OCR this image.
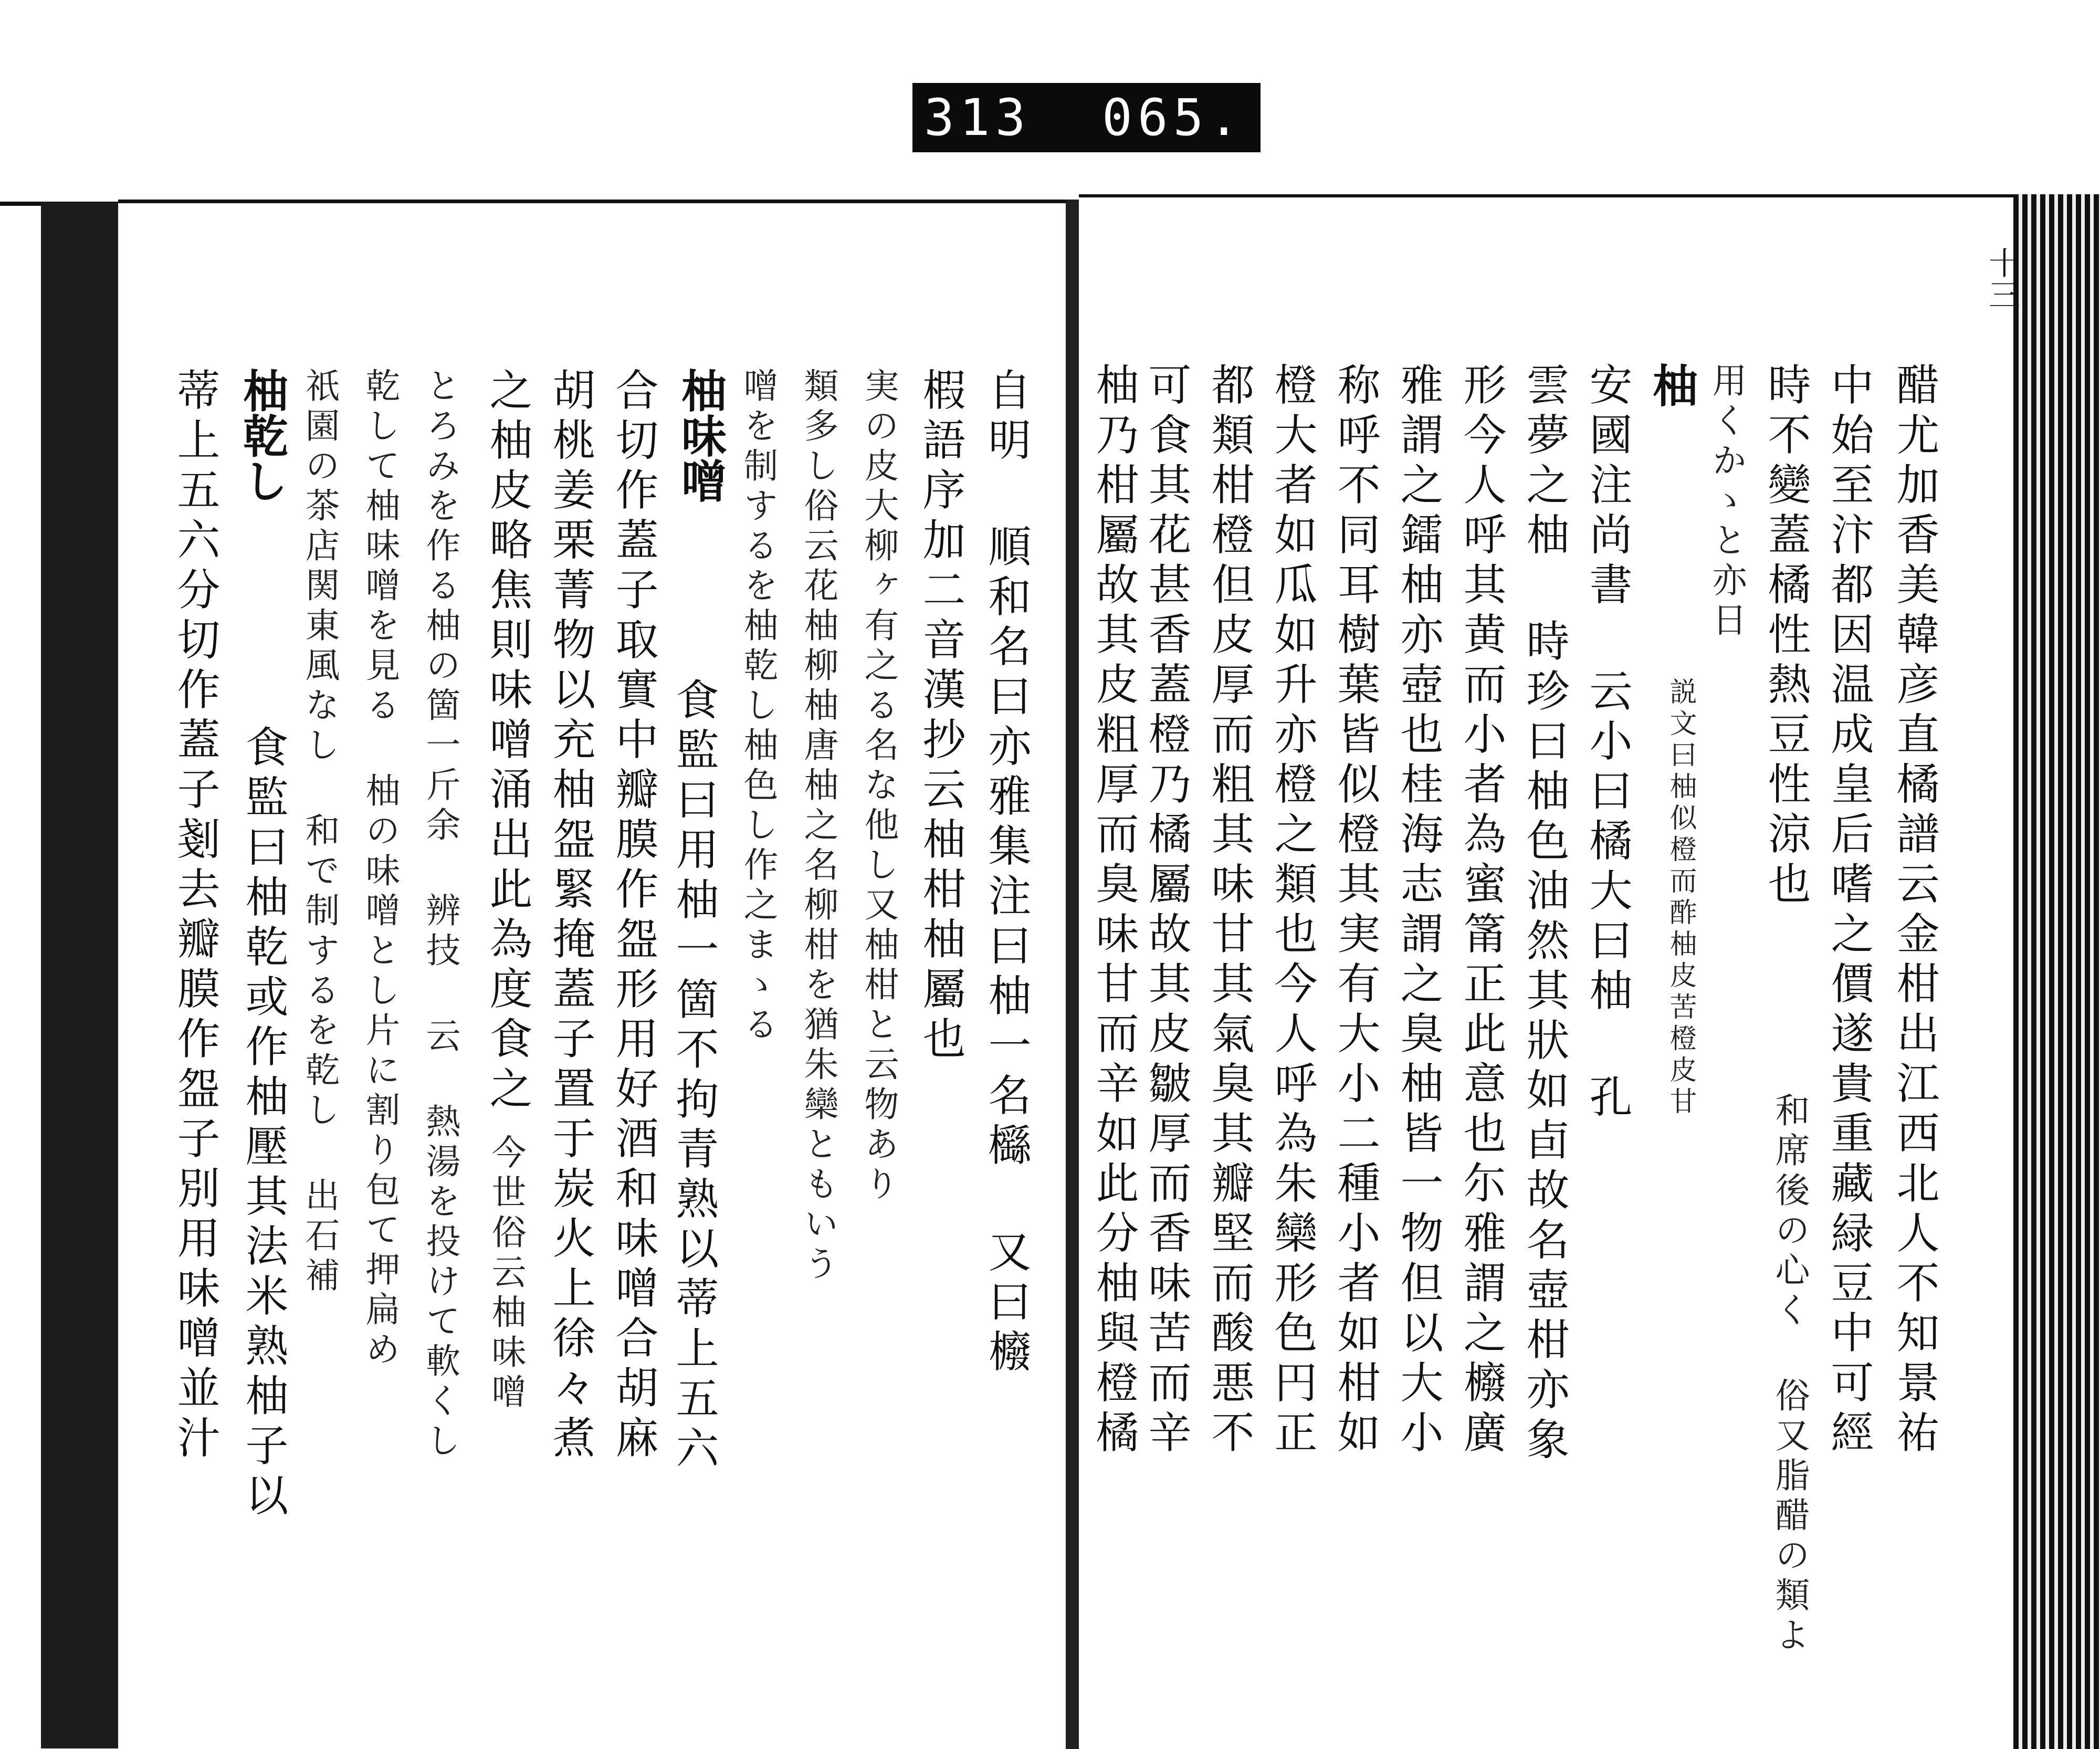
313  065.
十三
醋尤加香美韓彦直橘譜云金柑出江西北人不知景祐
中始至汴都因温成皇后嗜之價遂貴重藏緑豆中可經
時不變蓋橘性熱豆性涼也
和席後の心く 俗又脂醋の類よ
用くかゝと亦日
柚
説文曰柚似橙而酢柚皮苦橙皮甘
安國注尚書 云小曰橘大曰柚 孔
雲夢之柚 時珍曰柚色油然其狀如卣故名壺柑亦象
形今人呼其黄而小者為蜜筩正此意也尓雅謂之櫠廣
雅謂之鐳柚亦壺也桂海志謂之臭柚皆一物但以大小
称呼不同耳樹葉皆似橙其実有大小二種小者如柑如
橙大者如瓜如升亦橙之類也今人呼為朱欒形色円正
都類柑橙但皮厚而粗其味甘其氣臭其瓣堅而酸悪不
可食其花甚香蓋橙乃橘屬故其皮皺厚而香味苦而辛
柚乃柑屬故其皮粗厚而臭味甘而辛如此分柚與橙橘
自明 順和名曰亦雅集注曰柚一名櫾 又曰櫠
椵語序加二音漢抄云柚柑柚屬也
実の皮大柳ヶ有之る名な他し又柚柑と云物あり
類多し俗云花柚柳柚唐柚之名柳柑を猶朱欒ともいう
噌を制するを柚乾し柚色し作之まゝる
柚味噌
食監曰用柚一箇不拘青熟以蒂上五六
合切作蓋子取實中瓣膜作盌形用好酒和味噌合胡麻
胡桃姜栗菁物以充柚盌緊掩蓋子置于炭火上徐々煮
之柚皮略焦則味噌涌出此為度食之
今世俗云柚味噌
とろみを作る柚の箇一斤余 辨技 云 熱湯を投けて軟くし
乾して柚味噌を見る 柚の味噌とし片に割り包て押扁め
祇園の茶店関東風なし 和で制するを乾し 出石補
柚乾し
食監曰柚乾或作柚壓其法米熟柚子以
蒂上五六分切作蓋子剗去瓣膜作盌子別用味噌並汁
